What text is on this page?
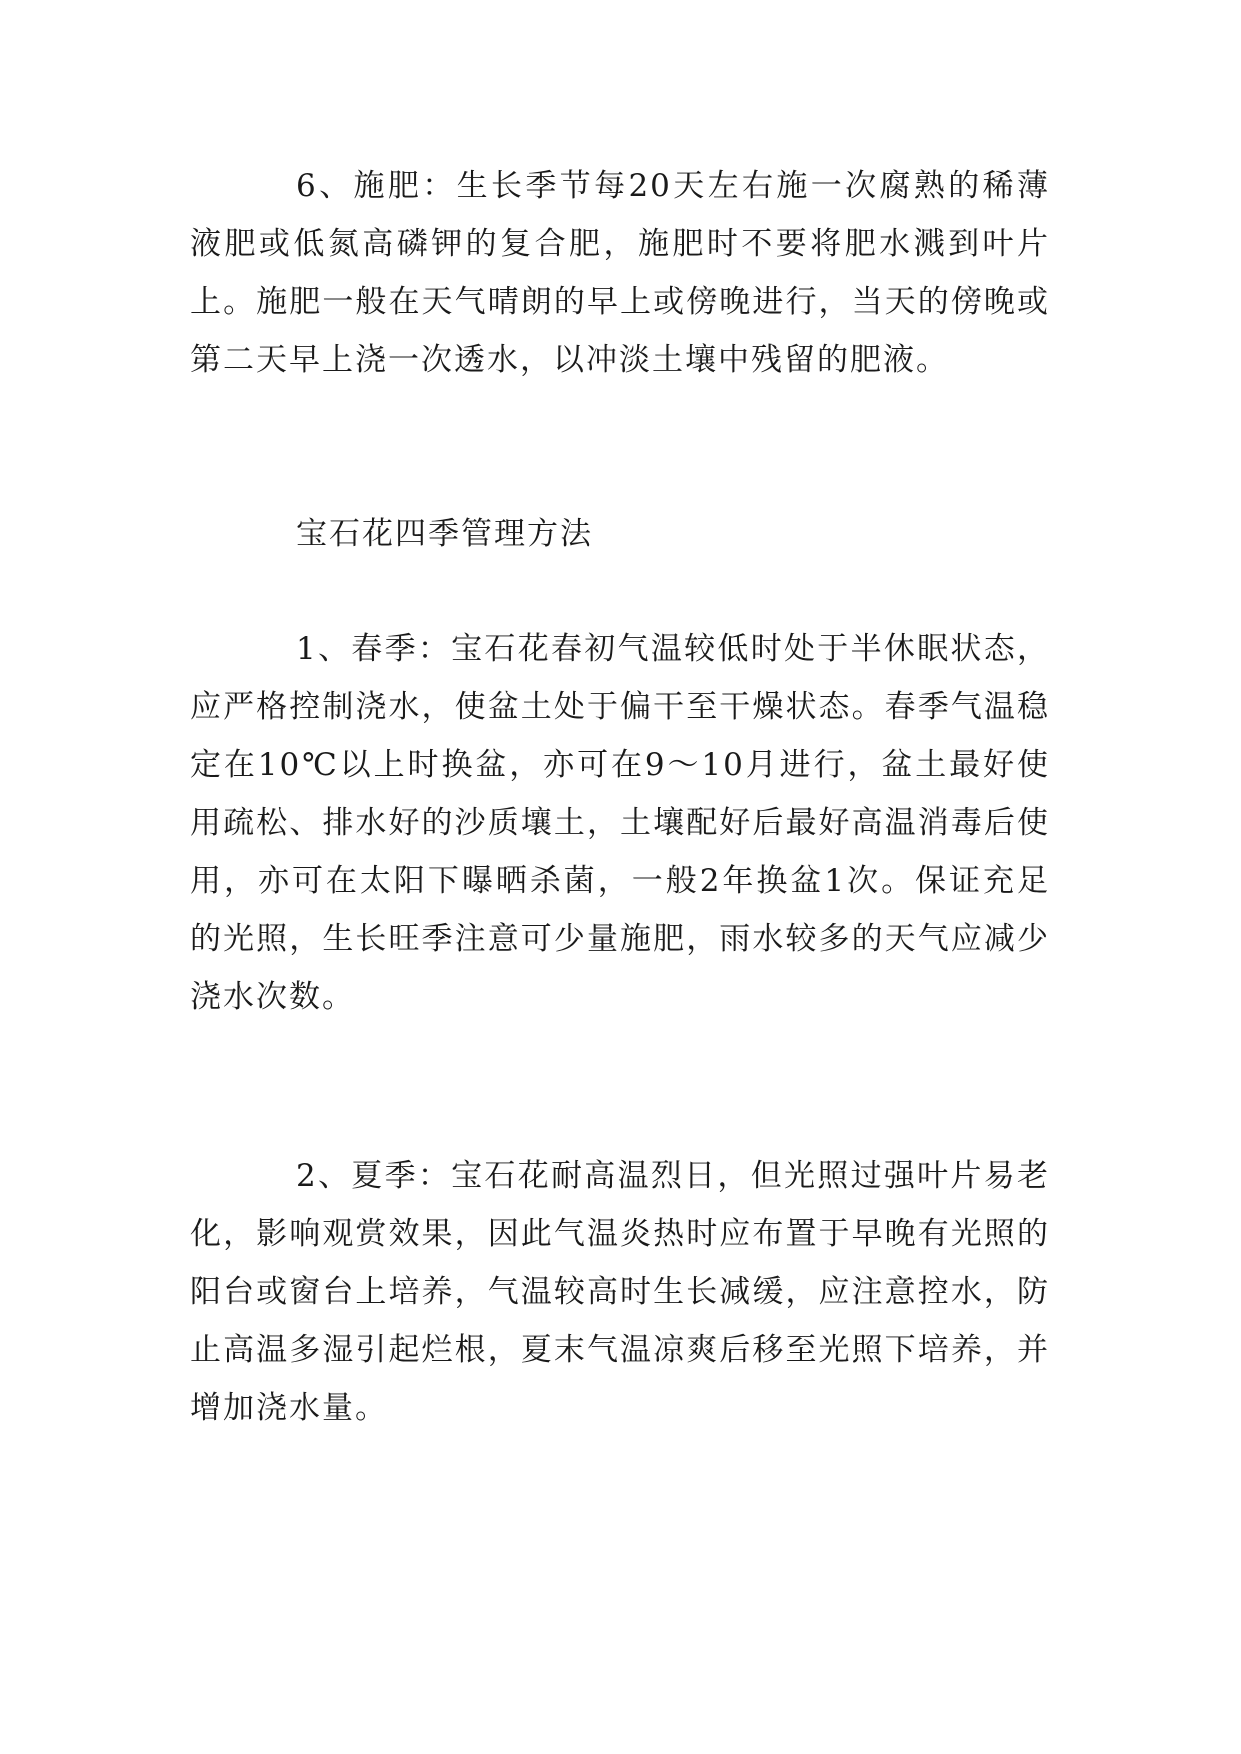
6、施肥：生长季节每20天左右施一次腐熟的稀薄液肥或低氮高磷钾的复合肥，施肥时不要将肥水溅到叶片上。施肥一般在天气晴朗的早上或傍晚进行，当天的傍晚或第二天早上浇一次透水，以冲淡土壤中残留的肥液。

宝石花四季管理方法

1、春季：宝石花春初气温较低时处于半休眠状态，应严格控制浇水，使盆土处于偏干至干燥状态。春季气温稳定在10℃以上时换盆，亦可在9～10月进行，盆土最好使用疏松、排水好的沙质壤土，土壤配好后最好高温消毒后使用，亦可在太阳下曝晒杀菌，一般2年换盆1次。保证充足的光照，生长旺季注意可少量施肥，雨水较多的天气应减少浇水次数。

2、夏季：宝石花耐高温烈日，但光照过强叶片易老化，影响观赏效果，因此气温炎热时应布置于早晚有光照的阳台或窗台上培养，气温较高时生长减缓，应注意控水，防止高温多湿引起烂根，夏末气温凉爽后移至光照下培养，并增加浇水量。
